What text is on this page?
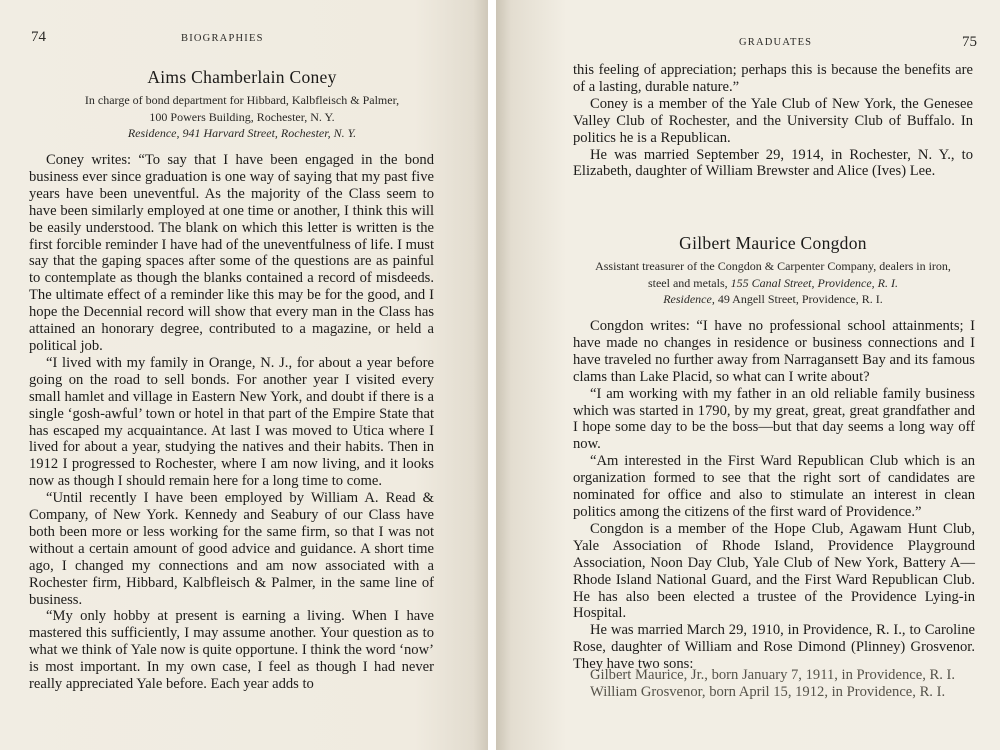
74	BIOGRAPHIES
Aims Chamberlain Coney
In charge of bond department for Hibbard, Kalbfleisch & Palmer,
100 Powers Building, Rochester, N. Y.
Residence, 941 Harvard Street, Rochester, N. Y.

Coney writes: “To say that I have been engaged in the bond business ever since graduation is one way of saying that my past five years have been uneventful. As the majority of the Class seem to have been similarly employed at one time or another, I think this will be easily understood. The blank on which this letter is written is the first forcible reminder I have had of the uneventfulness of life. I must say that the gaping spaces after some of the questions are as painful to contemplate as though the blanks contained a record of misdeeds. The ultimate effect of a reminder like this may be for the good, and I hope the Decennial record will show that every man in the Class has attained an honorary degree, contributed to a magazine, or held a political job.

“I lived with my family in Orange, N. J., for about a year before going on the road to sell bonds. For another year I visited every small hamlet and village in Eastern New York, and doubt if there is a single ‘gosh-awful’ town or hotel in that part of the Empire State that has escaped my acquaintance. At last I was moved to Utica where I lived for about a year, studying the natives and their habits. Then in 1912 I progressed to Rochester, where I am now living, and it looks now as though I should remain here for a long time to come.

“Until recently I have been employed by William A. Read & Company, of New York. Kennedy and Seabury of our Class have both been more or less working for the same firm, so that I was not without a certain amount of good advice and guidance. A short time ago, I changed my connections and am now associated with a Rochester firm, Hibbard, Kalbfleisch & Palmer, in the same line of business.

“My only hobby at present is earning a living. When I have mastered this sufficiently, I may assume another. Your question as to what we think of Yale now is quite opportune. I think the word ‘now’ is most important. In my own case, I feel as though I had never really appreciated Yale before. Each year adds to

GRADUATES	75

this feeling of appreciation; perhaps this is because the benefits are of a lasting, durable nature.”

Coney is a member of the Yale Club of New York, the Genesee Valley Club of Rochester, and the University Club of Buffalo. In politics he is a Republican.

He was married September 29, 1914, in Rochester, N. Y., to Elizabeth, daughter of William Brewster and Alice (Ives) Lee.

Gilbert Maurice Congdon
Assistant treasurer of the Congdon & Carpenter Company, dealers in iron,
steel and metals, 155 Canal Street, Providence, R. I.
Residence, 49 Angell Street, Providence, R. I.

Congdon writes: “I have no professional school attainments; I have made no changes in residence or business connections and I have traveled no further away from Narragansett Bay and its famous clams than Lake Placid, so what can I write about?

“I am working with my father in an old reliable family business which was started in 1790, by my great, great, great grandfather and I hope some day to be the boss—but that day seems a long way off now.

“Am interested in the First Ward Republican Club which is an organization formed to see that the right sort of candidates are nominated for office and also to stimulate an interest in clean politics among the citizens of the first ward of Providence.”

Congdon is a member of the Hope Club, Agawam Hunt Club, Yale Association of Rhode Island, Providence Playground Association, Noon Day Club, Yale Club of New York, Battery A—Rhode Island National Guard, and the First Ward Republican Club. He has also been elected a trustee of the Providence Lying-in Hospital.

He was married March 29, 1910, in Providence, R. I., to Caroline Rose, daughter of William and Rose Dimond (Plinney) Grosvenor. They have two sons:

Gilbert Maurice, Jr., born January 7, 1911, in Providence, R. I.
William Grosvenor, born April 15, 1912, in Providence, R. I.
